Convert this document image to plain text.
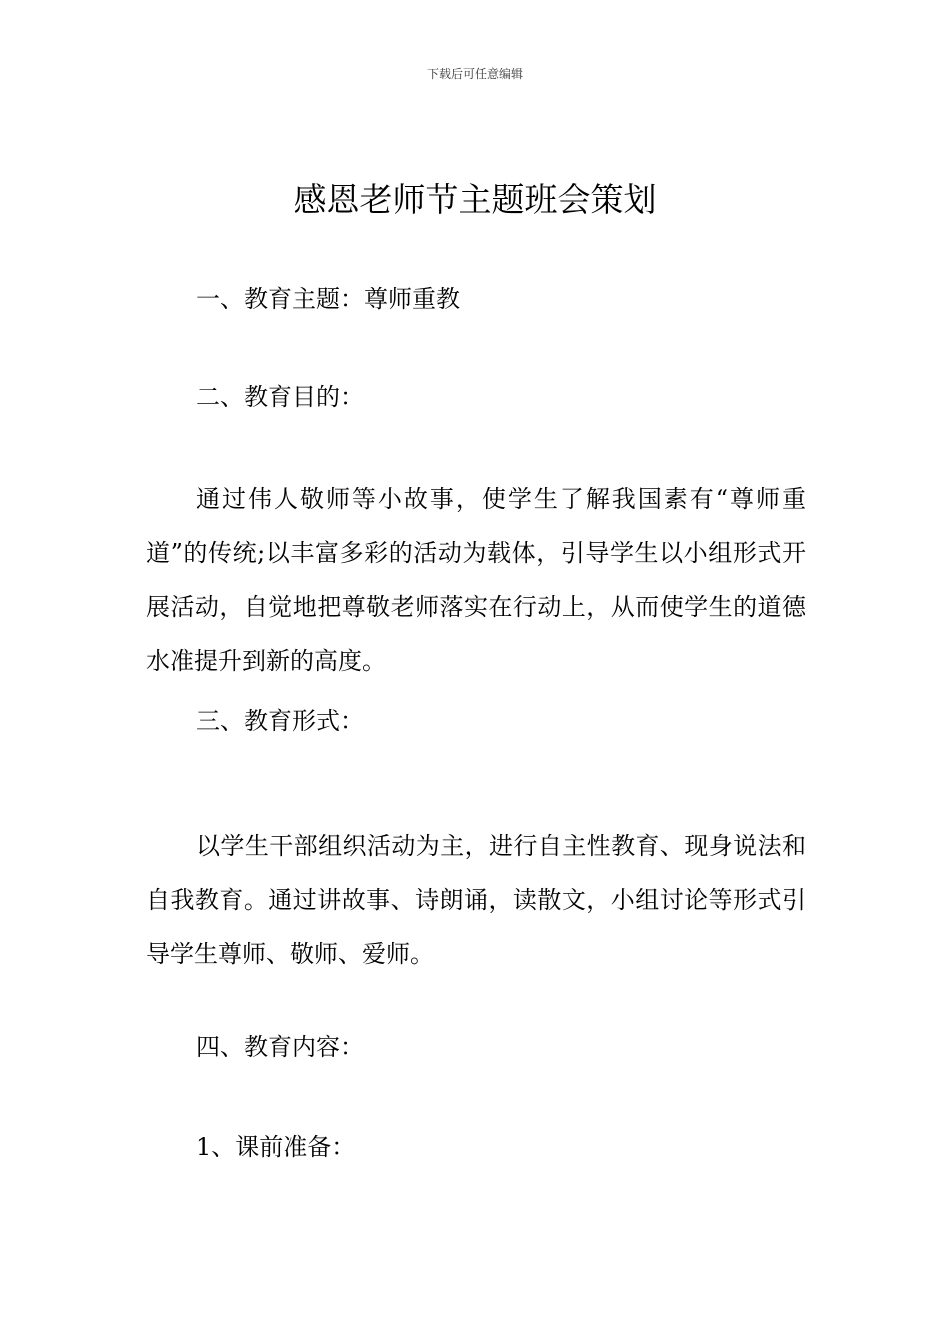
下载后可任意编辑
感恩老师节主题班会策划

一、教育主题：尊师重教

二、教育目的：

通过伟人敬师等小故事，使学生了解我国素有“尊师重道”的传统;以丰富多彩的活动为载体，引导学生以小组形式开展活动，自觉地把尊敬老师落实在行动上，从而使学生的道德水准提升到新的高度。

三、教育形式：

以学生干部组织活动为主，进行自主性教育、现身说法和自我教育。通过讲故事、诗朗诵，读散文，小组讨论等形式引导学生尊师、敬师、爱师。

四、教育内容：

1、课前准备：
